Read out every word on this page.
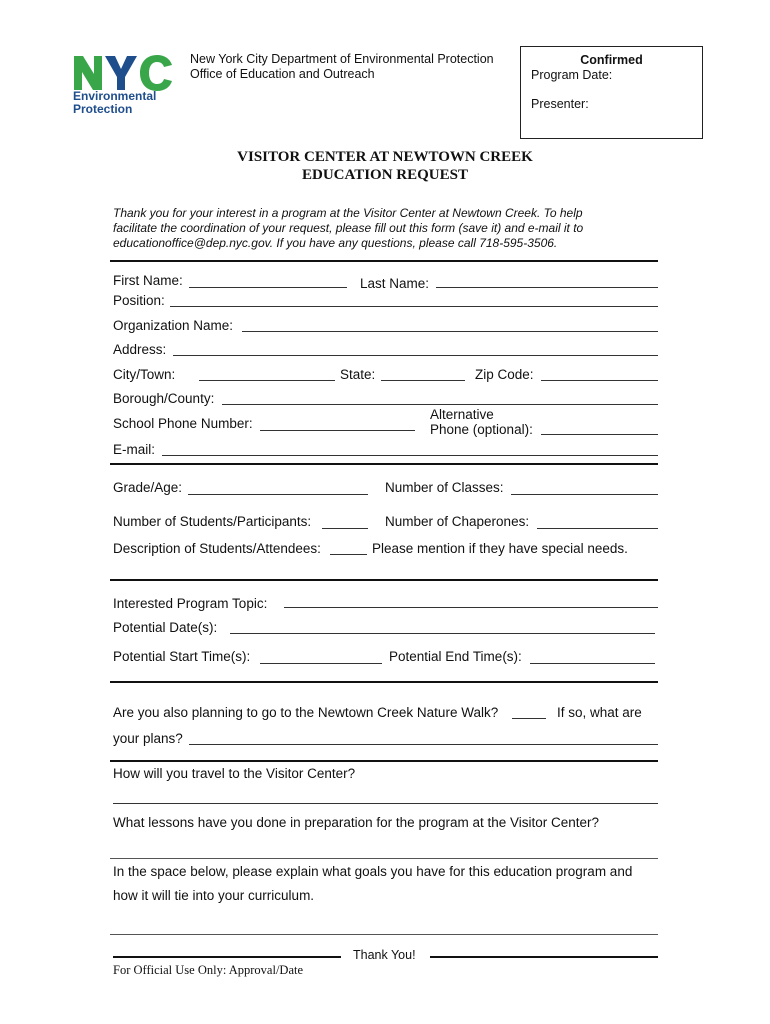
Environmental
Protection
New York City Department of Environmental Protection
Office of Education and Outreach
Confirmed
Program Date:
Presenter:
VISITOR CENTER AT NEWTOWN CREEK
EDUCATION REQUEST
Thank you for your interest in a program at the Visitor Center at Newtown Creek. To help
facilitate the coordination of your request, please fill out this form (save it) and e-mail it to
educationoffice@dep.nyc.gov. If you have any questions, please call 718-595-3506.
First Name:	Last Name:
Position:
Organization Name:
Address:
City/Town:	State:	Zip Code:
Borough/County:
School Phone Number:
Alternative
Phone (optional):
E-mail:
Grade/Age:	Number of Classes:
Number of Students/Participants:	Number of Chaperones:
Description of Students/Attendees:	Please mention if they have special needs.
Interested Program Topic:
Potential Date(s):
Potential Start Time(s):	Potential End Time(s):
Are you also planning to go to the Newtown Creek Nature Walk?	If so, what are
your plans?
How will you travel to the Visitor Center?
What lessons have you done in preparation for the program at the Visitor Center?
In the space below, please explain what goals you have for this education program and
how it will tie into your curriculum.
Thank You!
For Official Use Only: Approval/Date
